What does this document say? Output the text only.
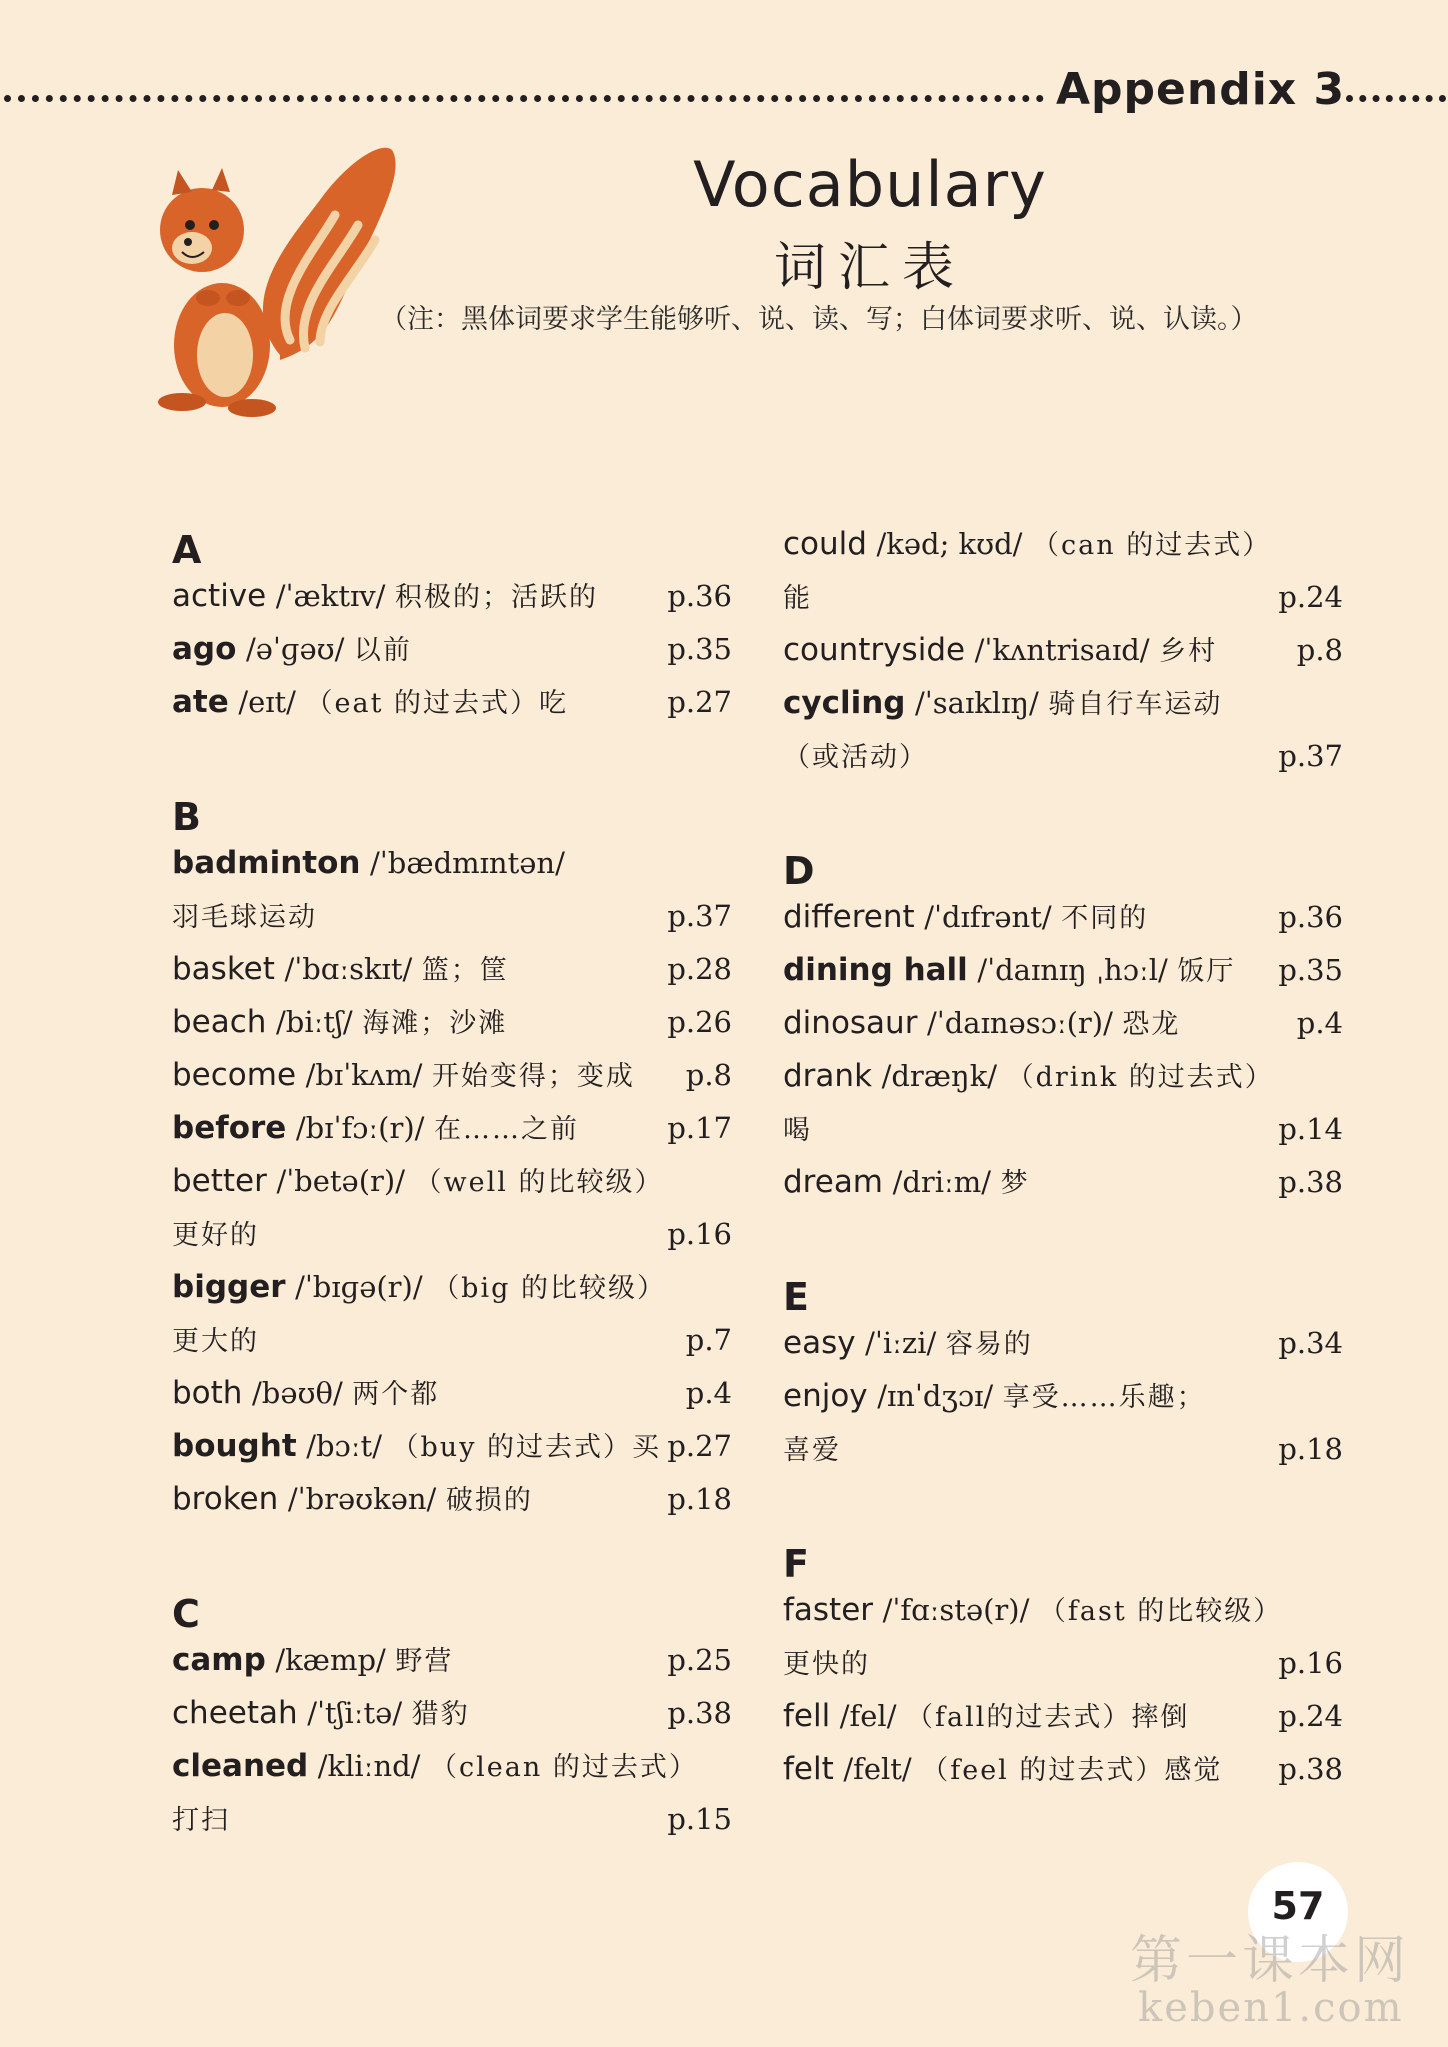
Appendix 3
Vocabulary
词汇表
（注：黑体词要求学生能够听、说、读、写；白体词要求听、说、认读。）
A
active /ˈæktɪv/ 积极的；活跃的 p.36
ago /əˈɡəʊ/ 以前	p.35
ate /eɪt/ （eat 的过去式）吃	p.27
B
badminton /ˈbædmɪntən/
羽毛球运动	p.37
basket /ˈbɑːskɪt/ 篮；筐	p.28
beach /biːtʃ/ 海滩；沙滩	p.26
become /bɪˈkʌm/ 开始变得；变成 p.8
before /bɪˈfɔː(r)/ 在……之前	p.17
better /ˈbetə(r)/ （well 的比较级）
更好的	p.16
bigger /ˈbɪɡə(r)/ （big 的比较级）
更大的	p.7
both /bəʊθ/ 两个都	p.4
bought /bɔːt/ （buy 的过去式）买 p.27
broken /ˈbrəʊkən/ 破损的	p.18
C
camp /kæmp/ 野营	p.25
cheetah /ˈtʃiːtə/ 猎豹	p.38
cleaned /kliːnd/ （clean 的过去式）
打扫	p.15
could /kəd; kʊd/ （can 的过去式）
能	p.24
countryside /ˈkʌntrisaɪd/ 乡村	p.8
cycling /ˈsaɪklɪŋ/ 骑自行车运动
（或活动）	p.37
D
different /ˈdɪfrənt/ 不同的	p.36
dining hall /ˈdaɪnɪŋ ˌhɔːl/ 饭厅 p.35
dinosaur /ˈdaɪnəsɔː(r)/ 恐龙	p.4
drank /dræŋk/ （drink 的过去式）
喝	p.14
dream /driːm/ 梦	p.38
E
easy /ˈiːzi/ 容易的	p.34
enjoy /ɪnˈdʒɔɪ/ 享受……乐趣；
喜爱	p.18
F
faster /ˈfɑːstə(r)/ （fast 的比较级）
更快的	p.16
fell /fel/ （fall的过去式）摔倒	p.24
felt /felt/ （feel 的过去式）感觉 p.38
57
第一课本网
keben1.com
